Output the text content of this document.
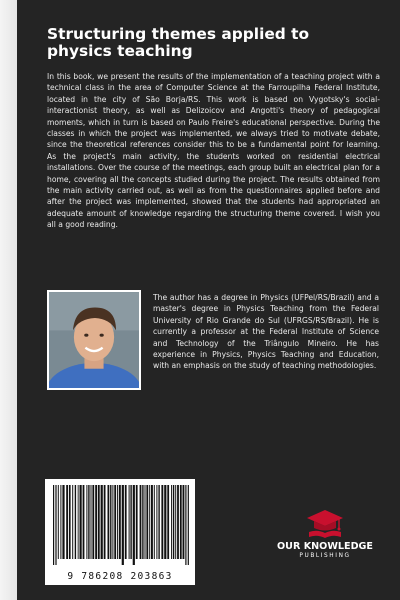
Structuring themes applied to physics teaching

In this book, we present the results of the implementation of a teaching project with a technical class in the area of Computer Science at the Farroupilha Federal Institute, located in the city of São Borja/RS. This work is based on Vygotsky's social-interactionist theory, as well as Delizoicov and Angotti's theory of pedagogical moments, which in turn is based on Paulo Freire's educational perspective. During the classes in which the project was implemented, we always tried to motivate debate, since the theoretical references consider this to be a fundamental point for learning. As the project's main activity, the students worked on residential electrical installations. Over the course of the meetings, each group built an electrical plan for a home, covering all the concepts studied during the project. The results obtained from the main activity carried out, as well as from the questionnaires applied before and after the project was implemented, showed that the students had appropriated an adequate amount of knowledge regarding the structuring theme covered. I wish you all a good reading.

The author has a degree in Physics (UFPel/RS/Brazil) and a master's degree in Physics Teaching from the Federal University of Rio Grande do Sul (UFRGS/RS/Brazil). He is currently a professor at the Federal Institute of Science and Technology of the Triângulo Mineiro. He has experience in Physics, Physics Teaching and Education, with an emphasis on the study of teaching methodologies.

9 786208 203863
OUR KNOWLEDGE
PUBLISHING
